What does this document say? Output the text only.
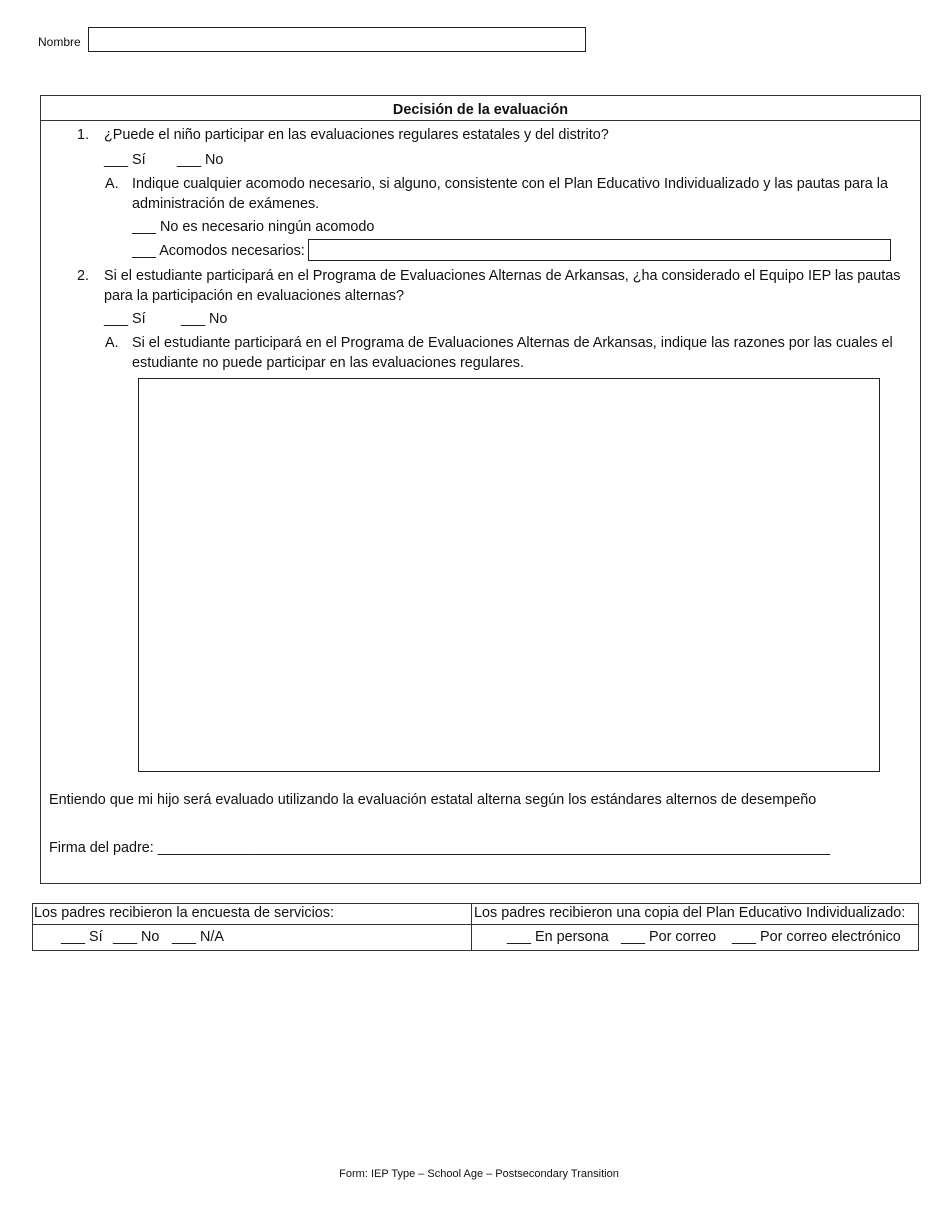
Nombre
Decisión de la evaluación
1. ¿Puede el niño participar en las evaluaciones regulares estatales y del distrito?
___ Sí ___ No
A. Indique cualquier acomodo necesario, si alguno, consistente con el Plan Educativo Individualizado y las pautas para la administración de exámenes.
___ No es necesario ningún acomodo
___ Acomodos necesarios:
2. Si el estudiante participará en el Programa de Evaluaciones Alternas de Arkansas, ¿ha considerado el Equipo IEP las pautas para la participación en evaluaciones alternas?
___ Sí ___ No
A. Si el estudiante participará en el Programa de Evaluaciones Alternas de Arkansas, indique las razones por las cuales el estudiante no puede participar en las evaluaciones regulares.
Entiendo que mi hijo será evaluado utilizando la evaluación estatal alterna según los estándares alternos de desempeño
Firma del padre: ____________________________________________________________________________________
Los padres recibieron la encuesta de servicios:
___ Sí ___ No ___ N/A
Los padres recibieron una copia del Plan Educativo Individualizado:
___ En persona ___ Por correo ___ Por correo electrónico
Form: IEP Type – School Age – Postsecondary Transition
